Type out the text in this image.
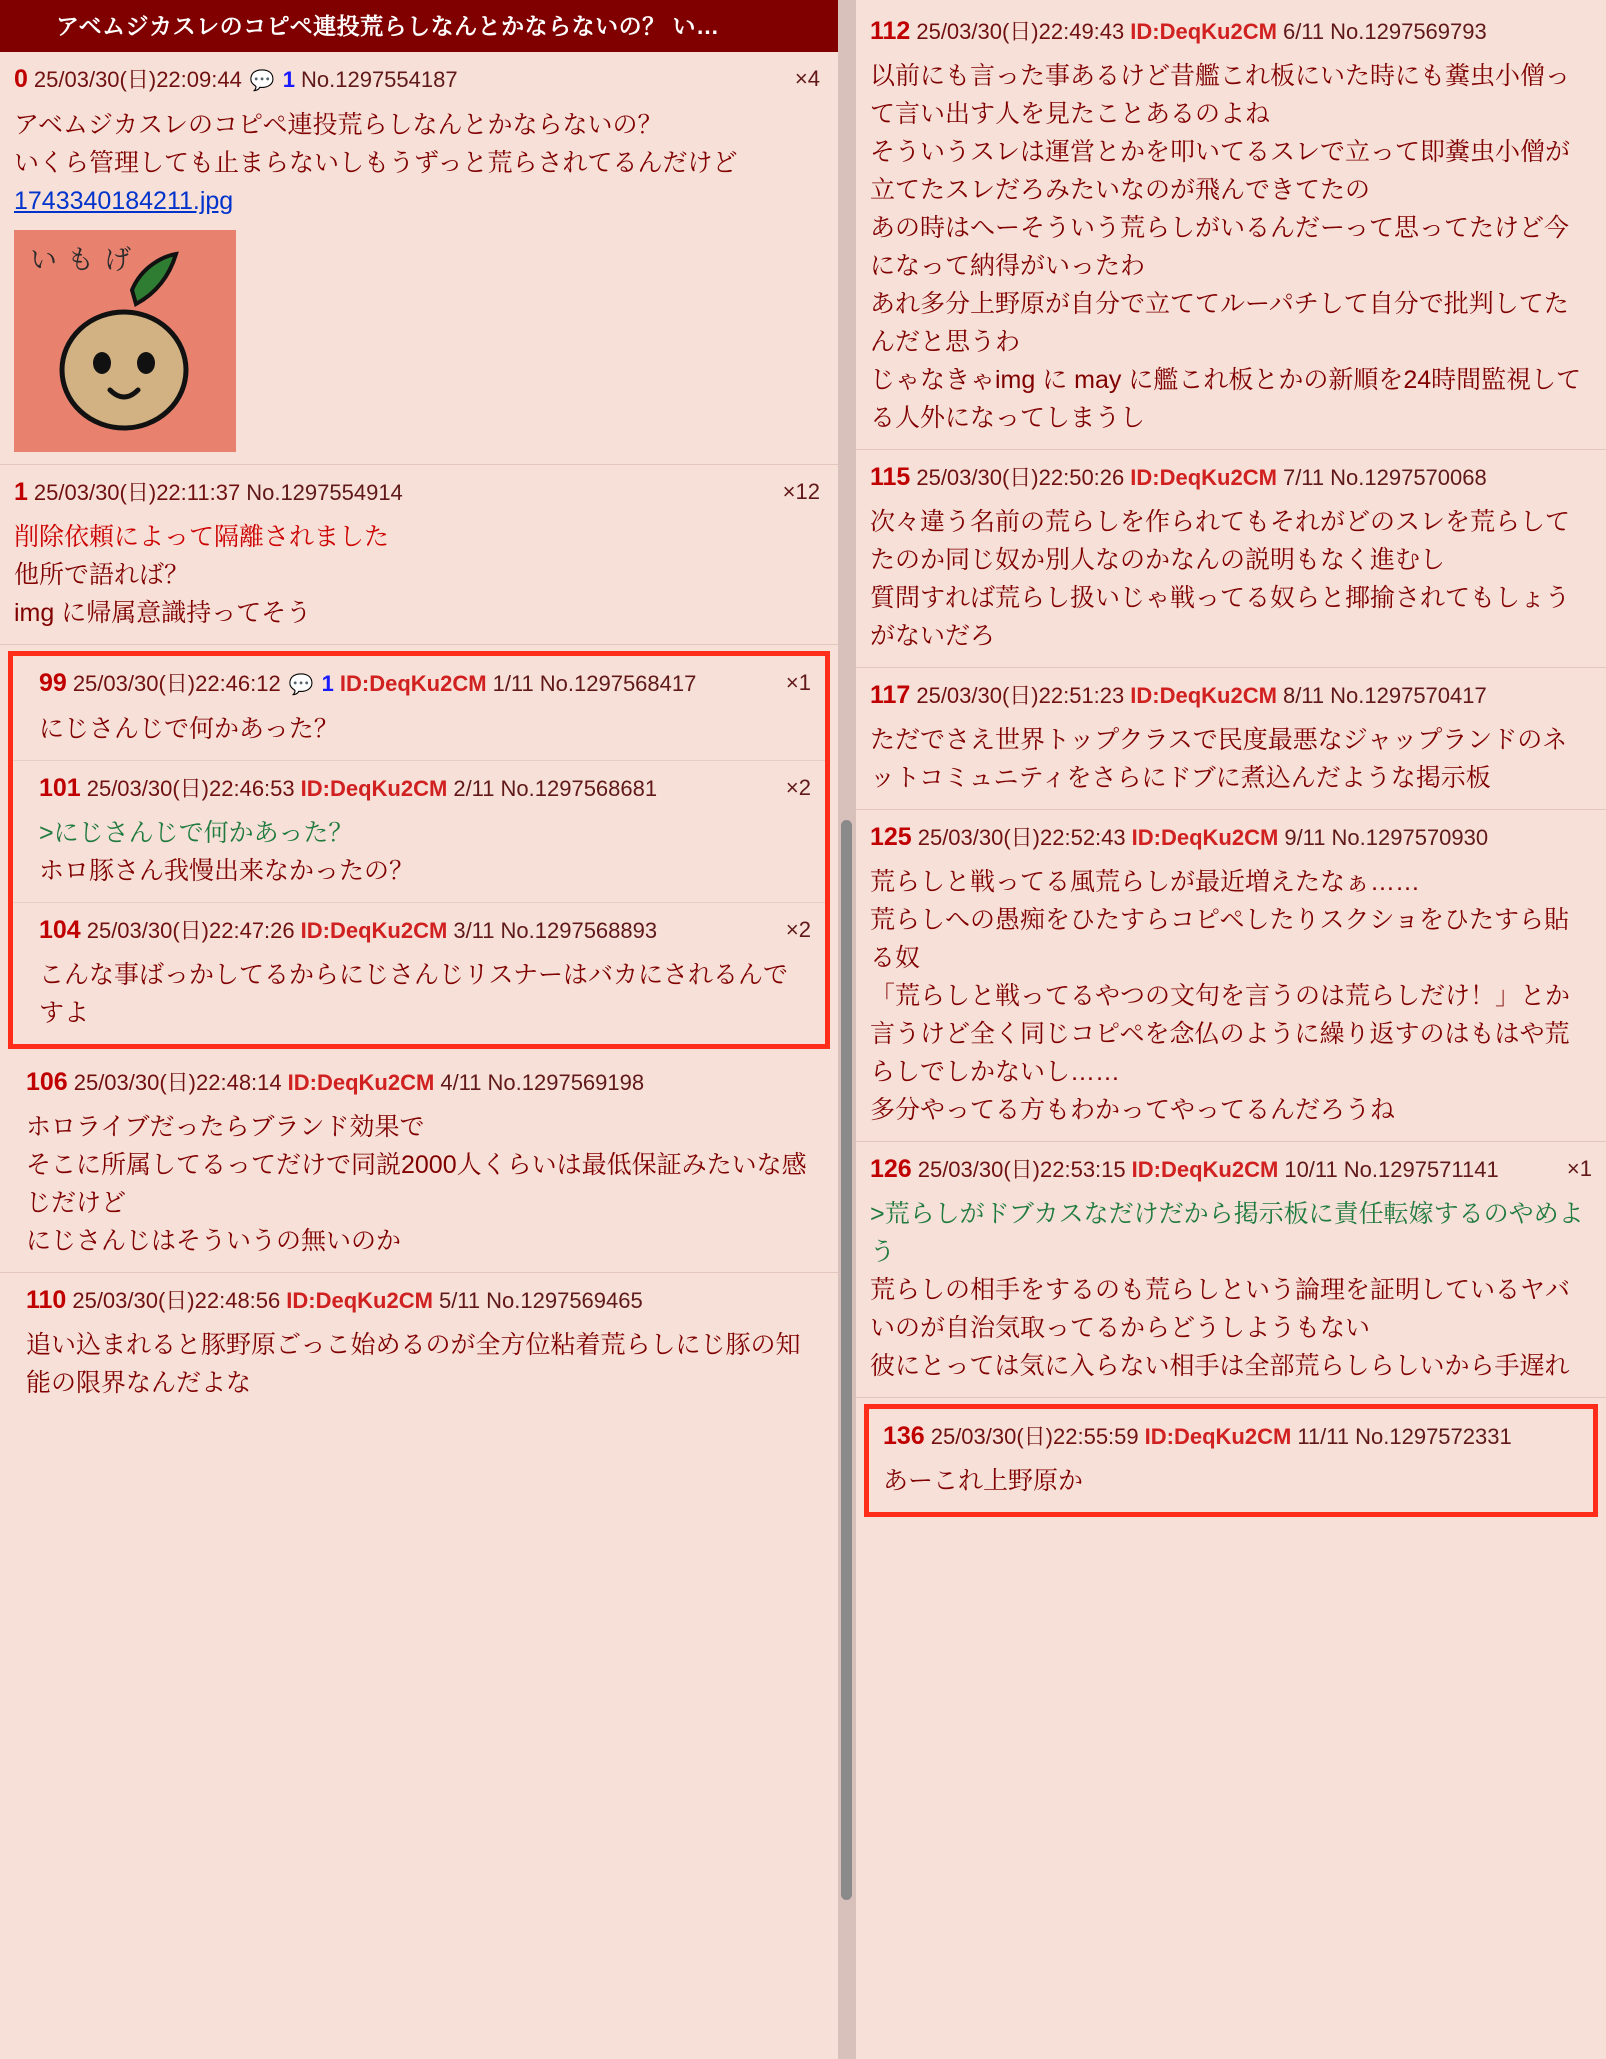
アベムジカスレのコピペ連投荒らしなんとかならないの？ い…
0 25/03/30(日)22:09:44 💬 1 No.1297554187	×4
アベムジカスレのコピペ連投荒らしなんとかならないの？
いくら管理しても止まらないしもうずっと荒らされてるんだけど
1743340184211.jpg
いもげ
1 25/03/30(日)22:11:37 No.1297554914	×12
削除依頼によって隔離されました
他所で語れば？
img に帰属意識持ってそう
99 25/03/30(日)22:46:12 💬 1 ID:DeqKu2CM 1/11 No.1297568417	×1
にじさんじで何かあった？
101 25/03/30(日)22:46:53 ID:DeqKu2CM 2/11 No.1297568681	×2
>にじさんじで何かあった？
ホロ豚さん我慢出来なかったの？
104 25/03/30(日)22:47:26 ID:DeqKu2CM 3/11 No.1297568893	×2
こんな事ばっかしてるからにじさんじリスナーはバカにされるんですよ
106 25/03/30(日)22:48:14 ID:DeqKu2CM 4/11 No.1297569198
ホロライブだったらブランド効果で
そこに所属してるってだけで同説2000人くらいは最低保証みたいな感じだけど
にじさんじはそういうの無いのか
110 25/03/30(日)22:48:56 ID:DeqKu2CM 5/11 No.1297569465
追い込まれると豚野原ごっこ始めるのが全方位粘着荒らしにじ豚の知能の限界なんだよな
112 25/03/30(日)22:49:43 ID:DeqKu2CM 6/11 No.1297569793
以前にも言った事あるけど昔艦これ板にいた時にも糞虫小僧って言い出す人を見たことあるのよね
そういうスレは運営とかを叩いてるスレで立って即糞虫小僧が立てたスレだろみたいなのが飛んできてたの
あの時はへーそういう荒らしがいるんだーって思ってたけど今になって納得がいったわ
あれ多分上野原が自分で立ててルーパチして自分で批判してたんだと思うわ
じゃなきゃimg に may に艦これ板とかの新順を24時間監視してる人外になってしまうし
115 25/03/30(日)22:50:26 ID:DeqKu2CM 7/11 No.1297570068
次々違う名前の荒らしを作られてもそれがどのスレを荒らしてたのか同じ奴か別人なのかなんの説明もなく進むし
質問すれば荒らし扱いじゃ戦ってる奴らと揶揄されてもしょうがないだろ
117 25/03/30(日)22:51:23 ID:DeqKu2CM 8/11 No.1297570417
ただでさえ世界トップクラスで民度最悪なジャップランドのネットコミュニティをさらにドブに煮込んだような掲示板
125 25/03/30(日)22:52:43 ID:DeqKu2CM 9/11 No.1297570930
荒らしと戦ってる風荒らしが最近増えたなぁ……
荒らしへの愚痴をひたすらコピペしたりスクショをひたすら貼る奴
「荒らしと戦ってるやつの文句を言うのは荒らしだけ！」とか言うけど全く同じコピペを念仏のように繰り返すのはもはや荒らしでしかないし……
多分やってる方もわかってやってるんだろうね
126 25/03/30(日)22:53:15 ID:DeqKu2CM 10/11 No.1297571141	×1
>荒らしがドブカスなだけだから掲示板に責任転嫁するのやめよう
荒らしの相手をするのも荒らしという論理を証明しているヤバいのが自治気取ってるからどうしようもない
彼にとっては気に入らない相手は全部荒らしらしいから手遅れ
136 25/03/30(日)22:55:59 ID:DeqKu2CM 11/11 No.1297572331
あーこれ上野原か
